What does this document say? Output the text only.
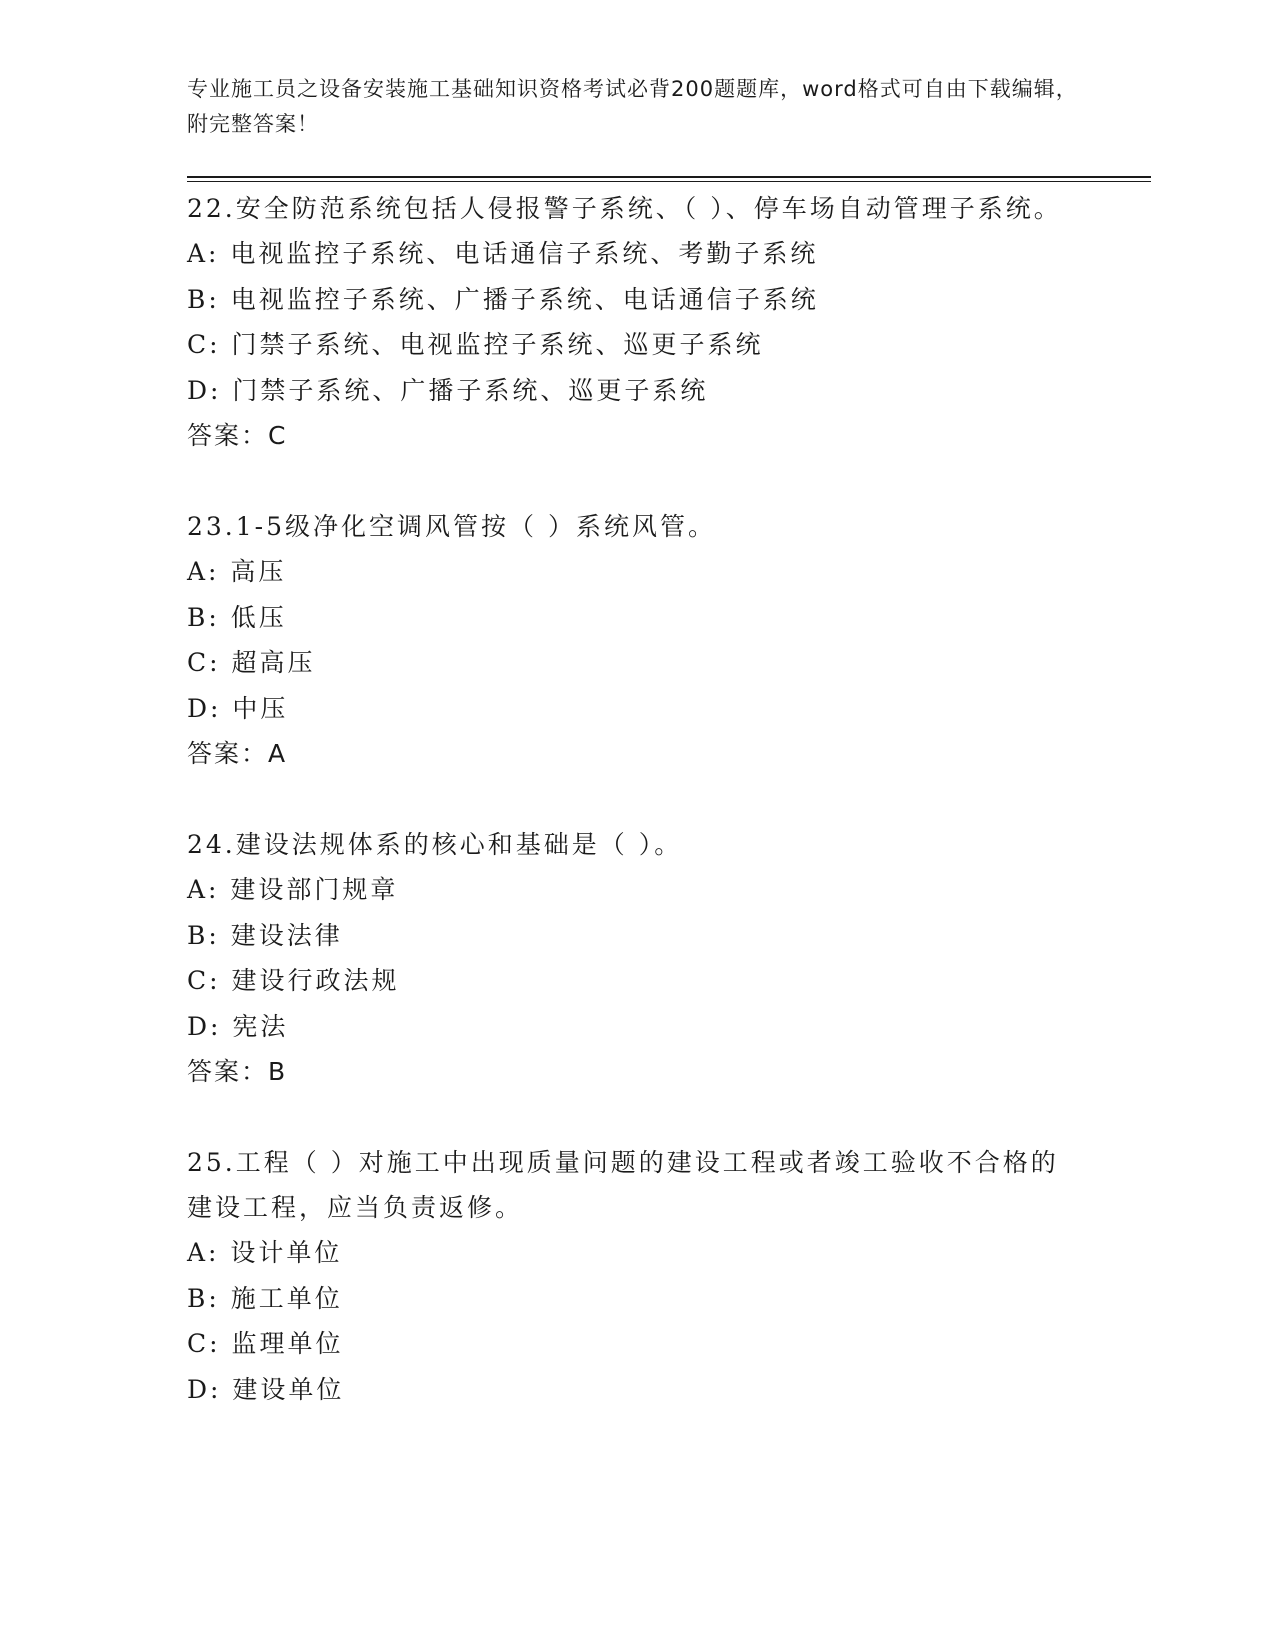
专业施工员之设备安装施工基础知识资格考试必背200题题库，word格式可自由下载编辑，附完整答案！
22.安全防范系统包括人侵报警子系统、（ ）、停车场自动管理子系统。
A: 电视监控子系统、电话通信子系统、考勤子系统
B: 电视监控子系统、广播子系统、电话通信子系统
C: 门禁子系统、电视监控子系统、巡更子系统
D: 门禁子系统、广播子系统、巡更子系统
答案：C
23.1-5级净化空调风管按（ ）系统风管。
A: 高压
B: 低压
C: 超高压
D: 中压
答案：A
24.建设法规体系的核心和基础是（ ）。
A: 建设部门规章
B: 建设法律
C: 建设行政法规
D: 宪法
答案：B
25.工程（ ）对施工中出现质量问题的建设工程或者竣工验收不合格的建设工程，应当负责返修。
A: 设计单位
B: 施工单位
C: 监理单位
D: 建设单位
